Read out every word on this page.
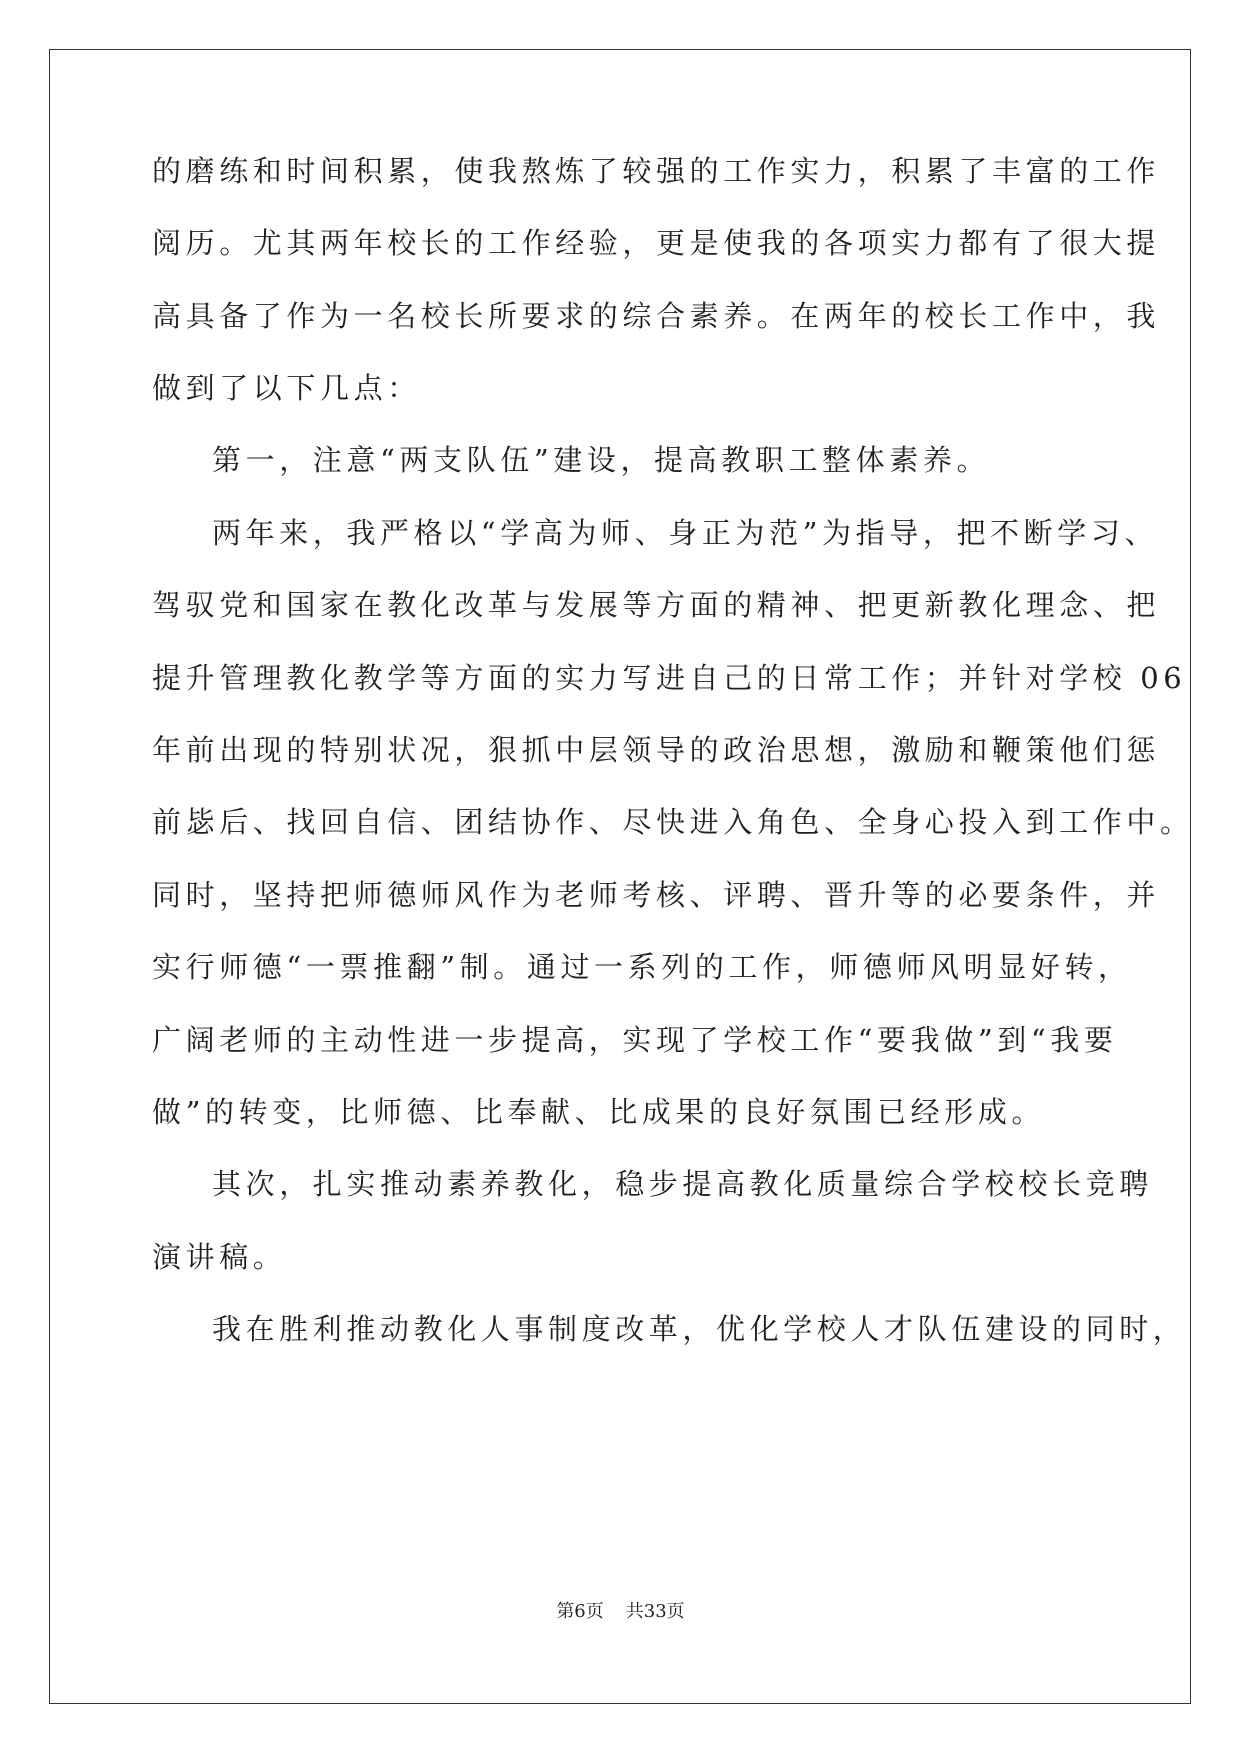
的磨练和时间积累，使我熬炼了较强的工作实力，积累了丰富的工作
阅历。尤其两年校长的工作经验，更是使我的各项实力都有了很大提
高具备了作为一名校长所要求的综合素养。在两年的校长工作中，我
做到了以下几点：
第一，注意“两支队伍”建设，提高教职工整体素养。
两年来，我严格以“学高为师、身正为范”为指导，把不断学习、
驾驭党和国家在教化改革与发展等方面的精神、把更新教化理念、把
提升管理教化教学等方面的实力写进自己的日常工作；并针对学校 06
年前出现的特别状况，狠抓中层领导的政治思想，激励和鞭策他们惩
前毖后、找回自信、团结协作、尽快进入角色、全身心投入到工作中。
同时，坚持把师德师风作为老师考核、评聘、晋升等的必要条件，并
实行师德“一票推翻”制。通过一系列的工作，师德师风明显好转，
广阔老师的主动性进一步提高，实现了学校工作“要我做”到“我要
做”的转变，比师德、比奉献、比成果的良好氛围已经形成。
其次，扎实推动素养教化，稳步提高教化质量综合学校校长竞聘
演讲稿。
我在胜利推动教化人事制度改革，优化学校人才队伍建设的同时，
第6页 共33页
